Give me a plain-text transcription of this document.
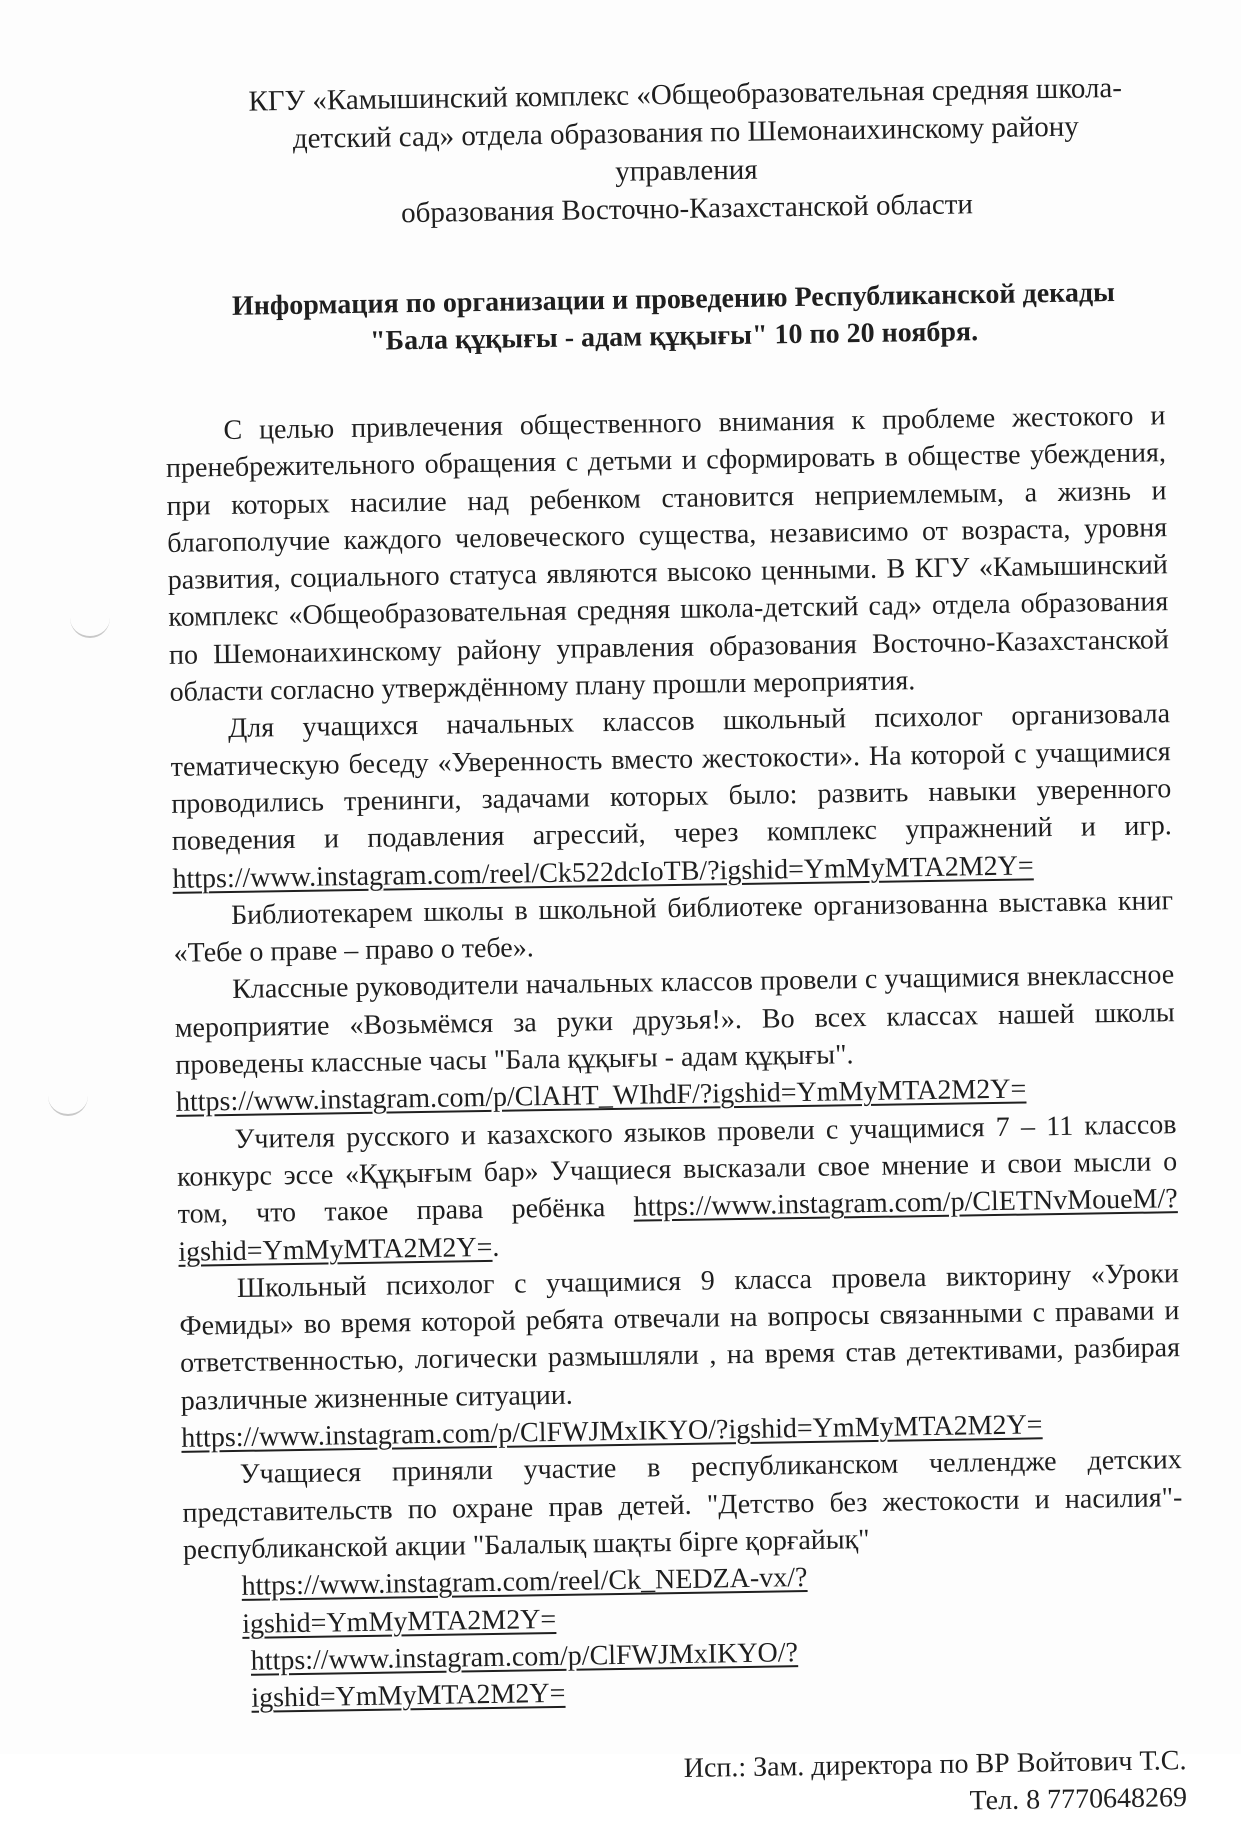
КГУ «Камышинский комплекс «Общеобразовательная средняя школа-
детский сад» отдела образования по Шемонаихинскому району управления
образования Восточно-Казахстанской области
Информация по организации и проведению Республиканской декады
"Бала құқығы - адам құқығы" 10 по 20 ноября.

С целью привлечения общественного внимания к проблеме жестокого и пренебрежительного обращения с детьми и сформировать в обществе убеждения, при которых насилие над ребенком становится неприемлемым, а жизнь и благополучие каждого человеческого существа, независимо от возраста, уровня развития, социального статуса являются высоко ценными. В КГУ «Камышинский комплекс «Общеобразовательная средняя школа-детский сад» отдела образования по Шемонаихинскому району управления образования Восточно-Казахстанской области согласно утверждённому плану прошли мероприятия.

Для учащихся начальных классов школьный психолог организовала тематическую беседу «Уверенность вместо жестокости». На которой с учащимися проводились тренинги, задачами которых было: развить навыки уверенного поведения и подавления агрессий, через комплекс упражнений и игр. https://www.instagram.com/reel/Ck522dcIoTB/?igshid=YmMyMTA2M2Y=

Библиотекарем школы в школьной библиотеке организованна выставка книг «Тебе о праве – право о тебе».

Классные руководители начальных классов провели с учащимися внеклассное мероприятие «Возьмёмся за руки друзья!». Во всех классах нашей школы проведены классные часы "Бала құқығы - адам құқығы".
https://www.instagram.com/p/ClAHT_WIhdF/?igshid=YmMyMTA2M2Y=

Учителя русского и казахского языков провели с учащимися 7 – 11 классов конкурс эссе «Құқығым бар» Учащиеся высказали свое мнение и свои мысли о том, что такое права ребёнка https://www.instagram.com/p/ClETNvMoueM/?igshid=YmMyMTA2M2Y=.

Школьный психолог с учащимися 9 класса провела викторину «Уроки Фемиды» во время которой ребята отвечали на вопросы связанными с правами и ответственностью, логически размышляли , на время став детективами, разбирая различные жизненные ситуации.
https://www.instagram.com/p/ClFWJMxIKYO/?igshid=YmMyMTA2M2Y=

Учащиеся приняли участие в республиканском челлендже детских представительств по охране прав детей. "Детство без жестокости и насилия"- республиканской акции "Балалық шақты бірге қорғайық"

https://www.instagram.com/reel/Ck_NEDZA-vx/?igshid=YmMyMTA2M2Y=
https://www.instagram.com/p/ClFWJMxIKYO/?igshid=YmMyMTA2M2Y=
Исп.: Зам. директора по ВР Войтович Т.С.
Тел. 8 7770648269
